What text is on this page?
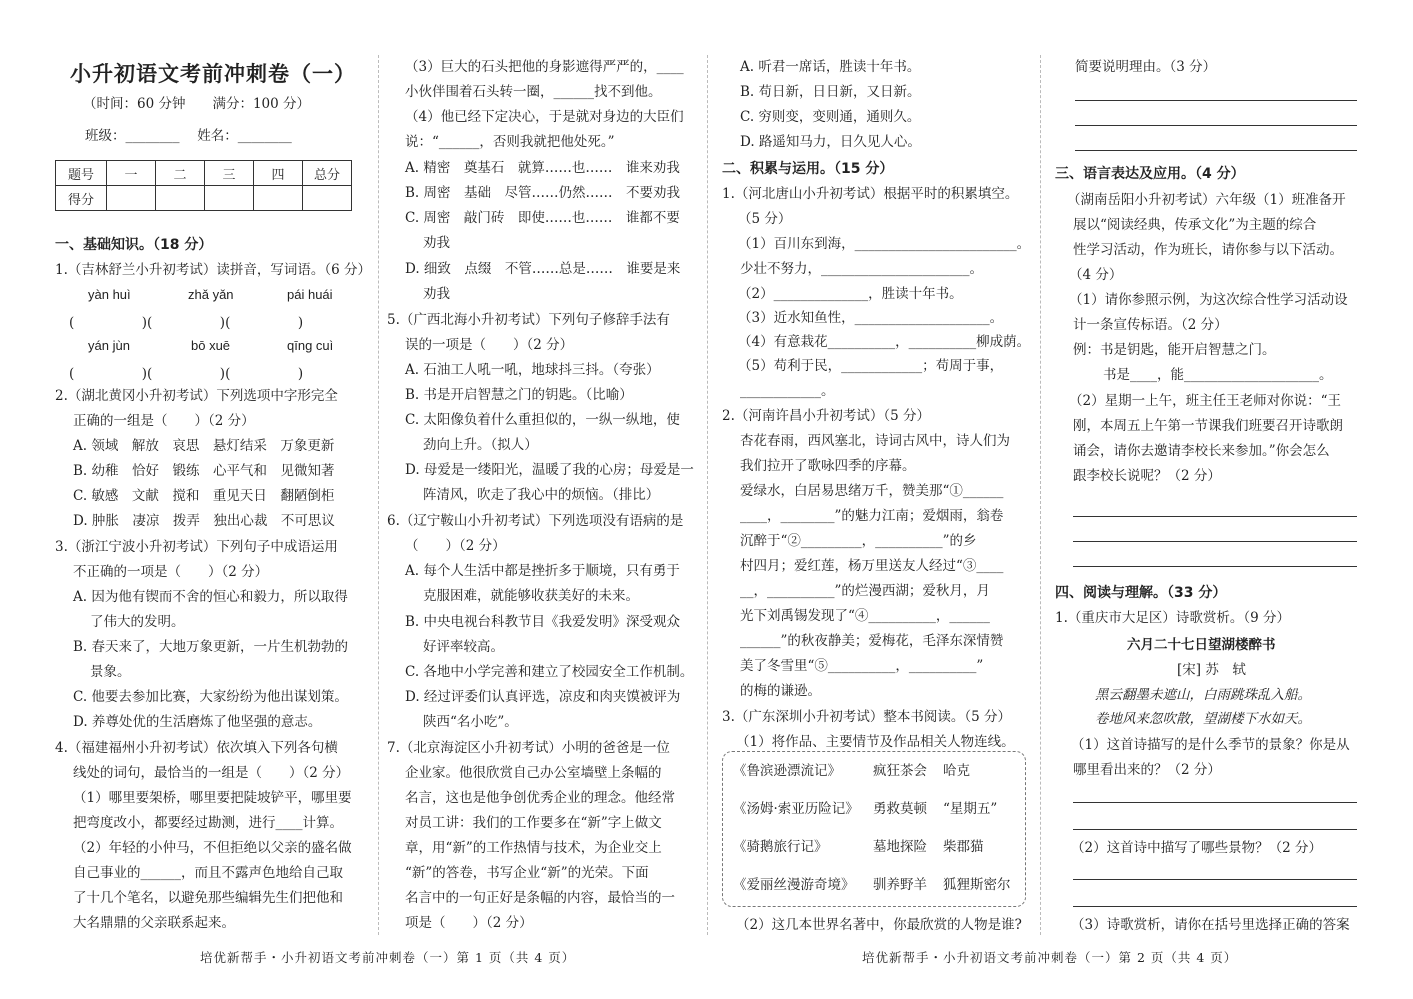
小升初语文考前冲刺卷（一）
（时间：60 分钟　　满分：100 分）
班级：________　 姓名：________
题号	一	二	三	四	总分
得分					
一、基础知识。（18 分）
1.（吉林舒兰小升初考试）读拼音，写词语。（6 分）
yàn huì	zhǎ yǎn	pái huái
(　　　　　)(　　　　　)(　　　　　)
yán jùn	bō xuē	qīng cuì
(　　　　　)(　　　　　)(　　　　　)
2.（湖北黄冈小升初考试）下列选项中字形完全
正确的一组是（　　）（2 分）
A. 领域　解放　哀思　悬灯结采　万象更新
B. 幼稚　恰好　锻练　心平气和　见微知著
C. 敏感　文献　搅和　重见天日　翻陋倒柜
D. 肿胀　凄凉　拨弄　独出心裁　不可思议
3.（浙江宁波小升初考试）下列句子中成语运用
不正确的一项是（　　）（2 分）
A. 因为他有锲而不舍的恒心和毅力，所以取得
了伟大的发明。
B. 春天来了，大地万象更新，一片生机勃勃的
景象。
C. 他要去参加比赛，大家纷纷为他出谋划策。
D. 养尊处优的生活磨炼了他坚强的意志。
4.（福建福州小升初考试）依次填入下列各句横
线处的词句，最恰当的一组是（　　）（2 分）
（1）哪里要架桥，哪里要把陡坡铲平，哪里要
把弯度改小，都要经过勘测，进行____计算。
（2）年轻的小仲马，不但拒绝以父亲的盛名做
自己事业的______，而且不露声色地给自己取
了十几个笔名，以避免那些编辑先生们把他和
大名鼎鼎的父亲联系起来。
（3）巨大的石头把他的身影遮得严严的，____
小伙伴围着石头转一圈，______找不到他。
（4）他已经下定决心，于是就对身边的大臣们
说：“______，否则我就把他处死。”
A. 精密　奠基石　就算……也……　谁来劝我
B. 周密　基础　尽管……仍然……　不要劝我
C. 周密　敲门砖　即使……也……　谁都不要
劝我
D. 细致　点缀　不管……总是……　谁要是来
劝我
5.（广西北海小升初考试）下列句子修辞手法有
误的一项是（　　）（2 分）
A. 石油工人吼一吼，地球抖三抖。（夸张）
B. 书是开启智慧之门的钥匙。（比喻）
C. 太阳像负着什么重担似的，一纵一纵地，使
劲向上升。（拟人）
D. 母爱是一缕阳光，温暖了我的心房；母爱是一
阵清风，吹走了我心中的烦恼。（排比）
6.（辽宁鞍山小升初考试）下列选项没有语病的是
（　　）（2 分）
A. 每个人生活中都是挫折多于顺境，只有勇于
克服困难，就能够收获美好的未来。
B. 中央电视台科教节目《我爱发明》深受观众
好评率较高。
C. 各地中小学完善和建立了校园安全工作机制。
D. 经过评委们认真评选，凉皮和肉夹馍被评为
陕西“名小吃”。
7.（北京海淀区小升初考试）小明的爸爸是一位
企业家。他很欣赏自己办公室墙壁上条幅的
名言，这也是他争创优秀企业的理念。他经常
对员工讲：我们的工作要多在“新”字上做文
章，用“新”的工作热情与技术，为企业交上
“新”的答卷，书写企业“新”的光荣。下面
名言中的一句正好是条幅的内容，最恰当的一
项是（　　）（2 分）
A. 听君一席话，胜读十年书。
B. 苟日新，日日新，又日新。
C. 穷则变，变则通，通则久。
D. 路遥知马力，日久见人心。
二、积累与运用。（15 分）
1.（河北唐山小升初考试）根据平时的积累填空。
（5 分）
（1）百川东到海，________________________。
少壮不努力，______________________。
（2）______________，胜读十年书。
（3）近水知鱼性，____________________。
（4）有意栽花__________，__________柳成荫。
（5）苟利于民，____________；苟周于事，
____________。
2.（河南许昌小升初考试）（5 分）
杏花春雨，西风塞北，诗词古风中，诗人们为
我们拉开了歌咏四季的序幕。
爱绿水，白居易思绪万千，赞美那“①______
____，________”的魅力江南；爱烟雨，翁卷
沉醉于“②_________，__________”的乡
村四月；爱红莲，杨万里送友人经过“③____
__，__________”的烂漫西湖；爱秋月，月
光下刘禹锡发现了“④__________，______
______”的秋夜静美；爱梅花，毛泽东深情赞
美了冬雪里“⑤__________，__________”
的梅的谦逊。
3.（广东深圳小升初考试）整本书阅读。（5 分）
（1）将作品、主要情节及作品相关人物连线。
《鲁滨逊漂流记》 疯狂茶会 哈克
《汤姆·索亚历险记》 勇救莫顿 “星期五”
《骑鹅旅行记》	墓地探险 柴郡猫
《爱丽丝漫游奇境》 驯养野羊 狐狸斯密尔
（2）这几本世界名著中，你最欣赏的人物是谁?
简要说明理由。（3 分）
三、语言表达及应用。（4 分）
（湖南岳阳小升初考试）六年级（1）班准备开
展以“阅读经典，传承文化”为主题的综合
性学习活动，作为班长，请你参与以下活动。
（4 分）
（1）请你参照示例，为这次综合性学习活动设
计一条宣传标语。（2 分）
例：书是钥匙，能开启智慧之门。
书是____，能____________________。
（2）星期一上午，班主任王老师对你说：“王
刚，本周五上午第一节课我们班要召开诗歌朗
诵会，请你去邀请李校长来参加。”你会怎么
跟李校长说呢？（2 分）
四、阅读与理解。（33 分）
1.（重庆市大足区）诗歌赏析。（9 分）
六月二十七日望湖楼醉书
[宋] 苏　轼
黑云翻墨未遮山，白雨跳珠乱入船。
卷地风来忽吹散，望湖楼下水如天。
（1）这首诗描写的是什么季节的景象？你是从
哪里看出来的？（2 分）
（2）这首诗中描写了哪些景物？（2 分）
（3）诗歌赏析，请你在括号里选择正确的答案
培优新帮手・小升初语文考前冲刺卷（一）第 1 页（共 4 页）	培优新帮手・小升初语文考前冲刺卷（一）第 2 页（共 4 页）
